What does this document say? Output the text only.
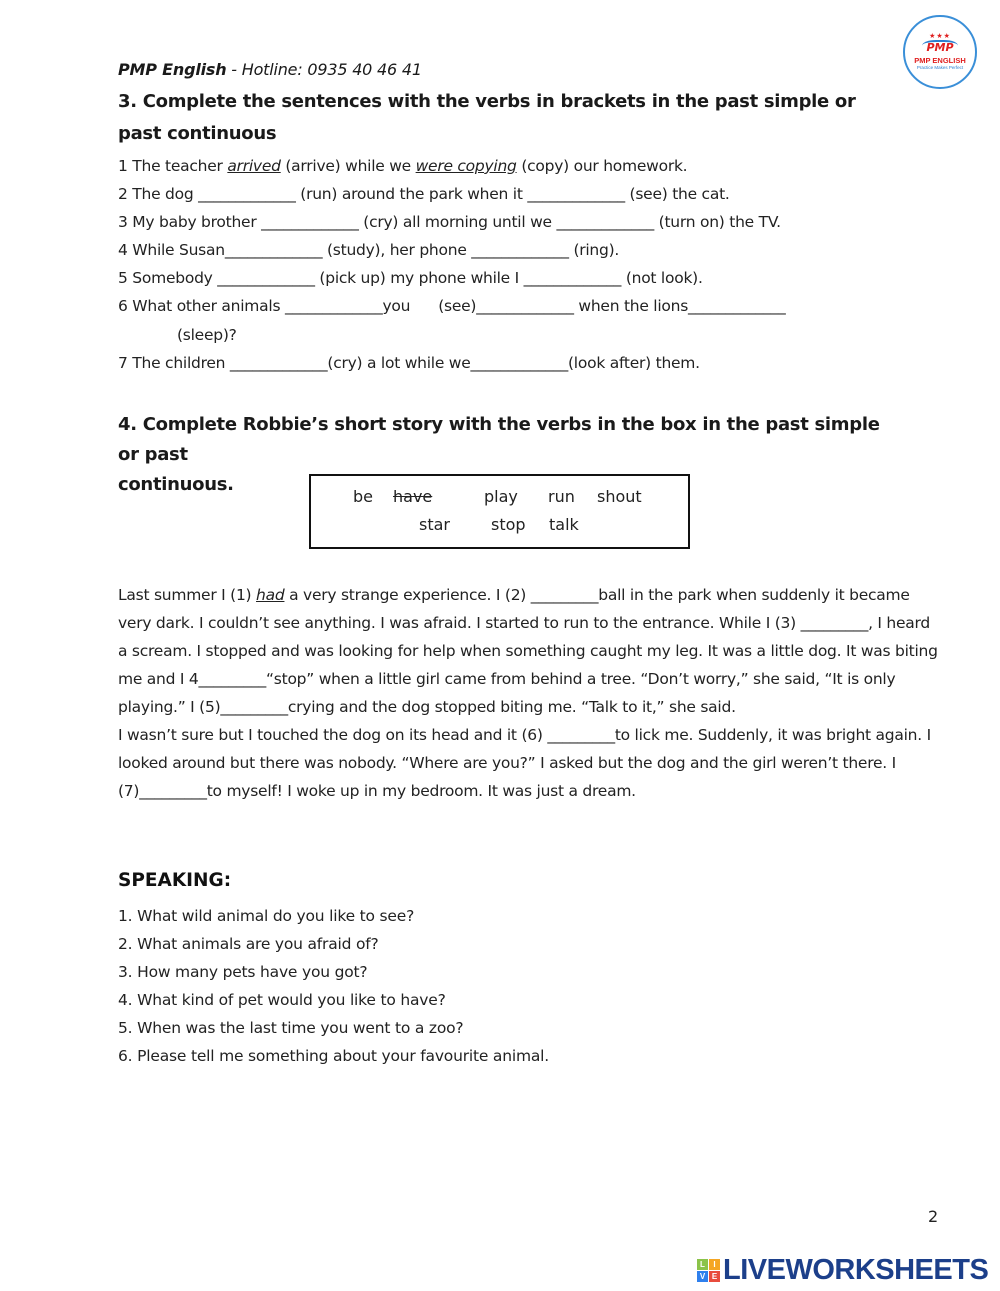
PMP English - Hotline: 0935 40 46 41
★★★
PMP
PMP ENGLISH
Practice Makes Perfect
3. Complete the sentences with the verbs in brackets in the past simple or
past continuous
1 The teacher arrived (arrive) while we were copying (copy) our homework.
2 The dog _____________ (run) around the park when it _____________ (see) the cat.
3 My baby brother _____________ (cry) all morning until we _____________ (turn on) the TV.
4 While Susan_____________ (study), her phone _____________ (ring).
5 Somebody _____________ (pick up) my phone while I _____________ (not look).
6 What other animals _____________you      (see)_____________ when the lions_____________
(sleep)?
7 The children _____________(cry) a lot while we_____________(look after) them.
4. Complete Robbie’s short story with the verbs in the box in the past simple or past
continuous.
be have	play run shout
star	stop talk

Last summer I (1) had a very strange experience. I (2) _________ball in the park when suddenly it became very dark. I couldn’t see anything. I was afraid. I started to run to the entrance. While I (3) _________, I heard a scream. I stopped and was looking for help when something caught my leg. It was a little dog. It was biting me and I 4_________“stop” when a little girl came from behind a tree. “Don’t worry,” she said, “It is only playing.” I (5)_________crying and the dog stopped biting me. “Talk to it,” she said.

I wasn’t sure but I touched the dog on its head and it (6) _________to lick me. Suddenly, it was bright again. I looked around but there was nobody. “Where are you?” I asked but the dog and the girl weren’t there. I (7)_________to myself! I woke up in my bedroom. It was just a dream.

SPEAKING:
1. What wild animal do you like to see?
2. What animals are you afraid of?
3. How many pets have you got?
4. What kind of pet would you like to have?
5. When was the last time you went to a zoo?
6. Please tell me something about your favourite animal.
2
L	I
V E LIVEWORKSHEETS
